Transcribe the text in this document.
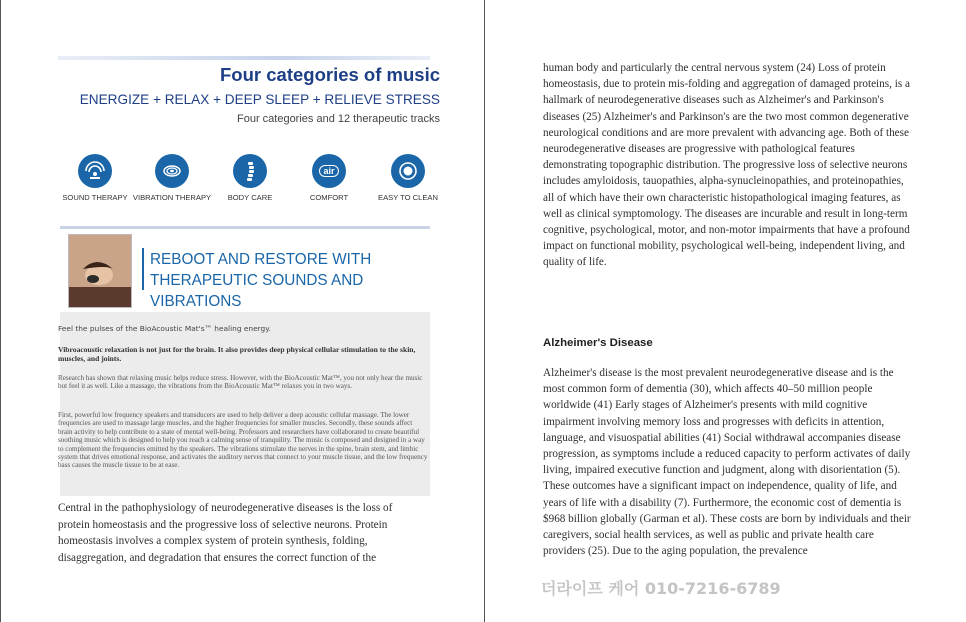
Four categories of music
ENERGIZE + RELAX + DEEP SLEEP + RELIEVE STRESS
Four categories and 12 therapeutic tracks
SOUND THERAPY VIBRATION THERAPY	BODY CARE
air
COMFORT	EASY TO CLEAN
REBOOT AND RESTORE WITH THERAPEUTIC SOUNDS AND VIBRATIONS
Feel the pulses of the BioAcoustic Mat's™ healing energy.
Vibroacoustic relaxation is not just for the brain. It also provides deep physical cellular stimulation to the skin, muscles, and joints.
Research has shown that relaxing music helps reduce stress. However, with the BioAcoustic Mat™, you not only hear the music but feel it as well. Like a massage, the vibrations from the BioAcoustic Mat™ relaxes you in two ways.
First, powerful low frequency speakers and transducers are used to help deliver a deep acoustic cellular massage. The lower frequencies are used to massage large muscles, and the higher frequencies for smaller muscles. Secondly, these sounds affect brain activity to help contribute to a state of mental well-being. Professors and researchers have collaborated to create beautiful soothing music which is designed to help you reach a calming sense of tranquility. The music is composed and designed in a way to complement the frequencies emitted by the speakers. The vibrations stimulate the nerves in the spine, brain stem, and limbic system that drives emotional response, and activates the auditory nerves that connect to your muscle tissue, and the low frequency bass causes the muscle tissue to be at ease.
Central in the pathophysiology of neurodegenerative diseases is the loss of protein homeostasis and the progressive loss of selective neurons. Protein homeostasis involves a complex system of protein synthesis, folding, disaggregation, and degradation that ensures the correct function of the
human body and particularly the central nervous system (24) Loss of protein homeostasis, due to protein mis-folding and aggregation of damaged proteins, is a hallmark of neurodegenerative diseases such as Alzheimer's and Parkinson's diseases (25) Alzheimer's and Parkinson's are the two most common degenerative neurological conditions and are more prevalent with advancing age. Both of these neurodegenerative diseases are progressive with pathological features demonstrating topographic distribution. The progressive loss of selective neurons includes amyloidosis, tauopathies, alpha-synucleinopathies, and proteinopathies, all of which have their own characteristic histopathological imaging features, as well as clinical symptomology. The diseases are incurable and result in long-term cognitive, psychological, motor, and non-motor impairments that have a profound impact on functional mobility, psychological well-being, independent living, and quality of life.
Alzheimer's Disease
Alzheimer's disease is the most prevalent neurodegenerative disease and is the most common form of dementia (30), which affects 40–50 million people worldwide (41) Early stages of Alzheimer's presents with mild cognitive impairment involving memory loss and progresses with deficits in attention, language, and visuospatial abilities (41) Social withdrawal accompanies disease progression, as symptoms include a reduced capacity to perform activates of daily living, impaired executive function and judgment, along with disorientation (5). These outcomes have a significant impact on independence, quality of life, and years of life with a disability (7). Furthermore, the economic cost of dementia is $968 billion globally (Garman et al). These costs are born by individuals and their caregivers, social health services, as well as public and private health care providers (25). Due to the aging population, the prevalence
더라이프 케어 010-7216-6789
